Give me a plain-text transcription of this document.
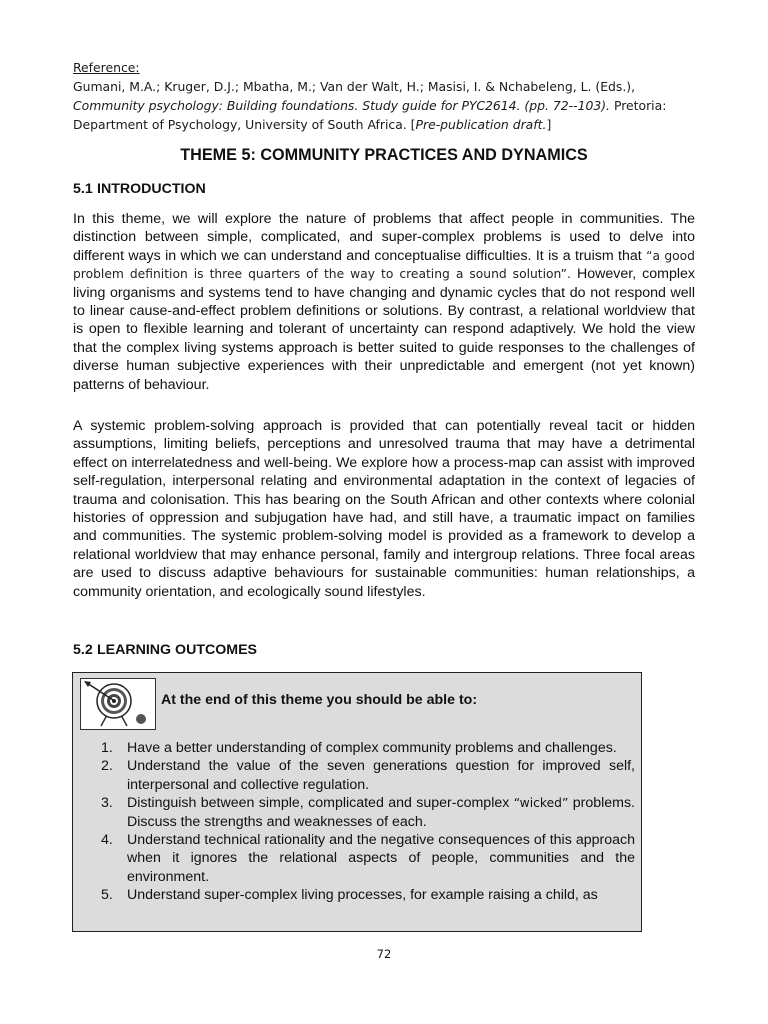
Reference:
Gumani, M.A.; Kruger, D.J.; Mbatha, M.; Van der Walt, H.; Masisi, I. & Nchabeleng, L. (Eds.),
Community psychology: Building foundations. Study guide for PYC2614. (pp. 72--103). Pretoria:
Department of Psychology, University of South Africa. [Pre-publication draft.]
THEME 5: COMMUNITY PRACTICES AND DYNAMICS
5.1 INTRODUCTION

In this theme, we will explore the nature of problems that affect people in communities. The distinction between simple, complicated, and super-complex problems is used to delve into different ways in which we can understand and conceptualise difficulties. It is a truism that “a good problem definition is three quarters of the way to creating a sound solution”. However, complex living organisms and systems tend to have changing and dynamic cycles that do not respond well to linear cause-and-effect problem definitions or solutions. By contrast, a relational worldview that is open to flexible learning and tolerant of uncertainty can respond adaptively. We hold the view that the complex living systems approach is better suited to guide responses to the challenges of diverse human subjective experiences with their unpredictable and emergent (not yet known) patterns of behaviour.

A systemic problem-solving approach is provided that can potentially reveal tacit or hidden assumptions, limiting beliefs, perceptions and unresolved trauma that may have a detrimental effect on interrelatedness and well-being. We explore how a process-map can assist with improved self-regulation, interpersonal relating and environmental adaptation in the context of legacies of trauma and colonisation. This has bearing on the South African and other contexts where colonial histories of oppression and subjugation have had, and still have, a traumatic impact on families and communities. The systemic problem-solving model is provided as a framework to develop a relational worldview that may enhance personal, family and intergroup relations. Three focal areas are used to discuss adaptive behaviours for sustainable communities: human relationships, a community orientation, and ecologically sound lifestyles.

5.2 LEARNING OUTCOMES
At the end of this theme you should be able to:
1. Have a better understanding of complex community problems and challenges.
2. Understand the value of the seven generations question for improved self, interpersonal and collective regulation.
3. Distinguish between simple, complicated and super-complex “wicked” problems. Discuss the strengths and weaknesses of each.
4. Understand technical rationality and the negative consequences of this approach when it ignores the relational aspects of people, communities and the environment.
5. Understand super-complex living processes, for example raising a child, as
72
